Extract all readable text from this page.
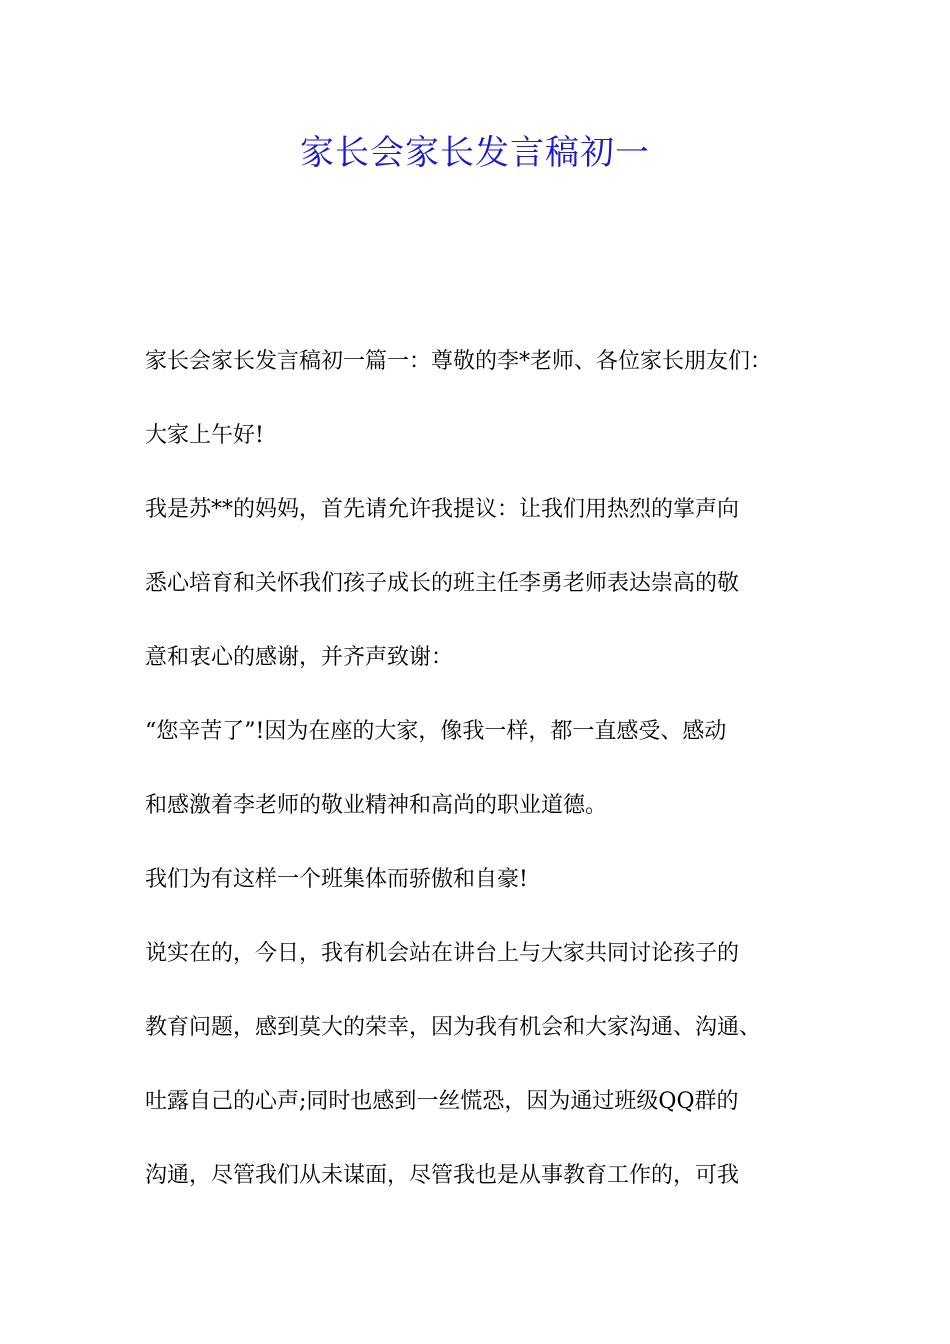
家长会家长发言稿初一

家长会家长发言稿初一篇一：尊敬的李*老师、各位家长朋友们：

大家上午好!

我是苏**的妈妈，首先请允许我提议：让我们用热烈的掌声向

悉心培育和关怀我们孩子成长的班主任李勇老师表达崇高的敬

意和衷心的感谢，并齐声致谢：

“您辛苦了”!因为在座的大家，像我一样，都一直感受、感动

和感激着李老师的敬业精神和高尚的职业道德。

我们为有这样一个班集体而骄傲和自豪!

说实在的，今日，我有机会站在讲台上与大家共同讨论孩子的

教育问题，感到莫大的荣幸，因为我有机会和大家沟通、沟通、

吐露自己的心声;同时也感到一丝慌恐，因为通过班级QQ群的

沟通，尽管我们从未谋面，尽管我也是从事教育工作的，可我
